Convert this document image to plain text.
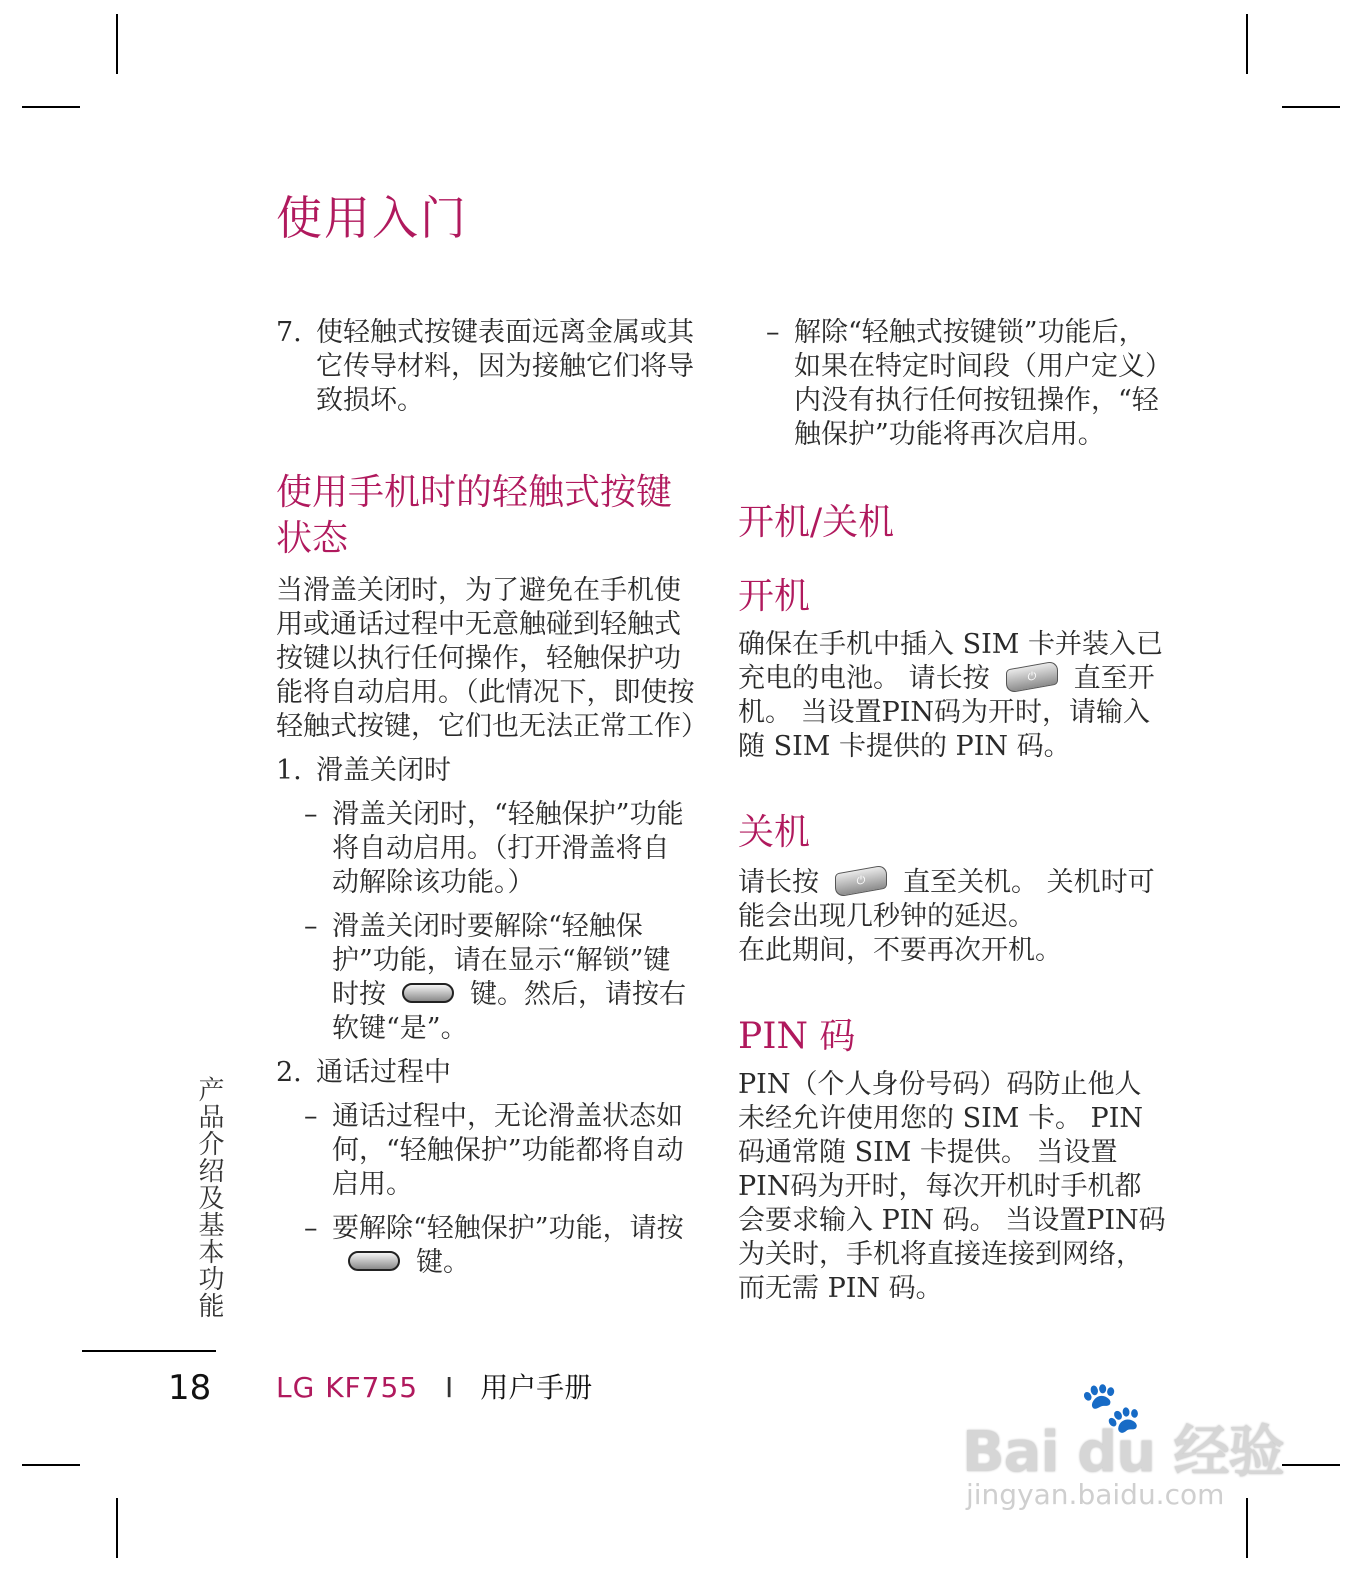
使用入门

7. 使轻触式按键表面远离金属或其它传导材料，因为接触它们将导致损坏。

使用手机时的轻触式按键状态

当滑盖关闭时，为了避免在手机使用或通话过程中无意触碰到轻触式按键以执行任何操作，轻触保护功能将自动启用。（此情况下，即使按轻触式按键，它们也无法正常工作）

1. 滑盖关闭时

– 滑盖关闭时，“轻触保护”功能将自动启用。（打开滑盖将自动解除该功能。）

– 滑盖关闭时要解除“轻触保护”功能，请在显示“解锁”键时按	键。然后，请按右软键“是”。

2. 通话过程中

– 通话过程中，无论滑盖状态如何，“轻触保护”功能都将自动启用。

– 要解除“轻触保护”功能，请按键。

– 解除“轻触式按键锁”功能后，如果在特定时间段（用户定义）内没有执行任何按钮操作，“轻触保护”功能将再次启用。

开机/关机
开机

确保在手机中插入 SIM 卡并装入已充电的电池。 请长按	⏻ 直至开机。 当设置PIN码为开时，请输入随 SIM 卡提供的 PIN 码。

关机

请长按	⏻ 直至关机。 关机时可能会出现几秒钟的延迟。

在此期间，不要再次开机。

PIN 码

PIN（个人身份号码）码防止他人未经允许使用您的 SIM 卡。 PIN 码通常随 SIM 卡提供。 当设置PIN码为开时，每次开机时手机都会要求输入 PIN 码。 当设置PIN码为关时，手机将直接连接到网络，而无需 PIN 码。

产品介绍及基本功能
18 LG KF755 I 用户手册	🐾
Bai du 经验
jingyan.baidu.com
